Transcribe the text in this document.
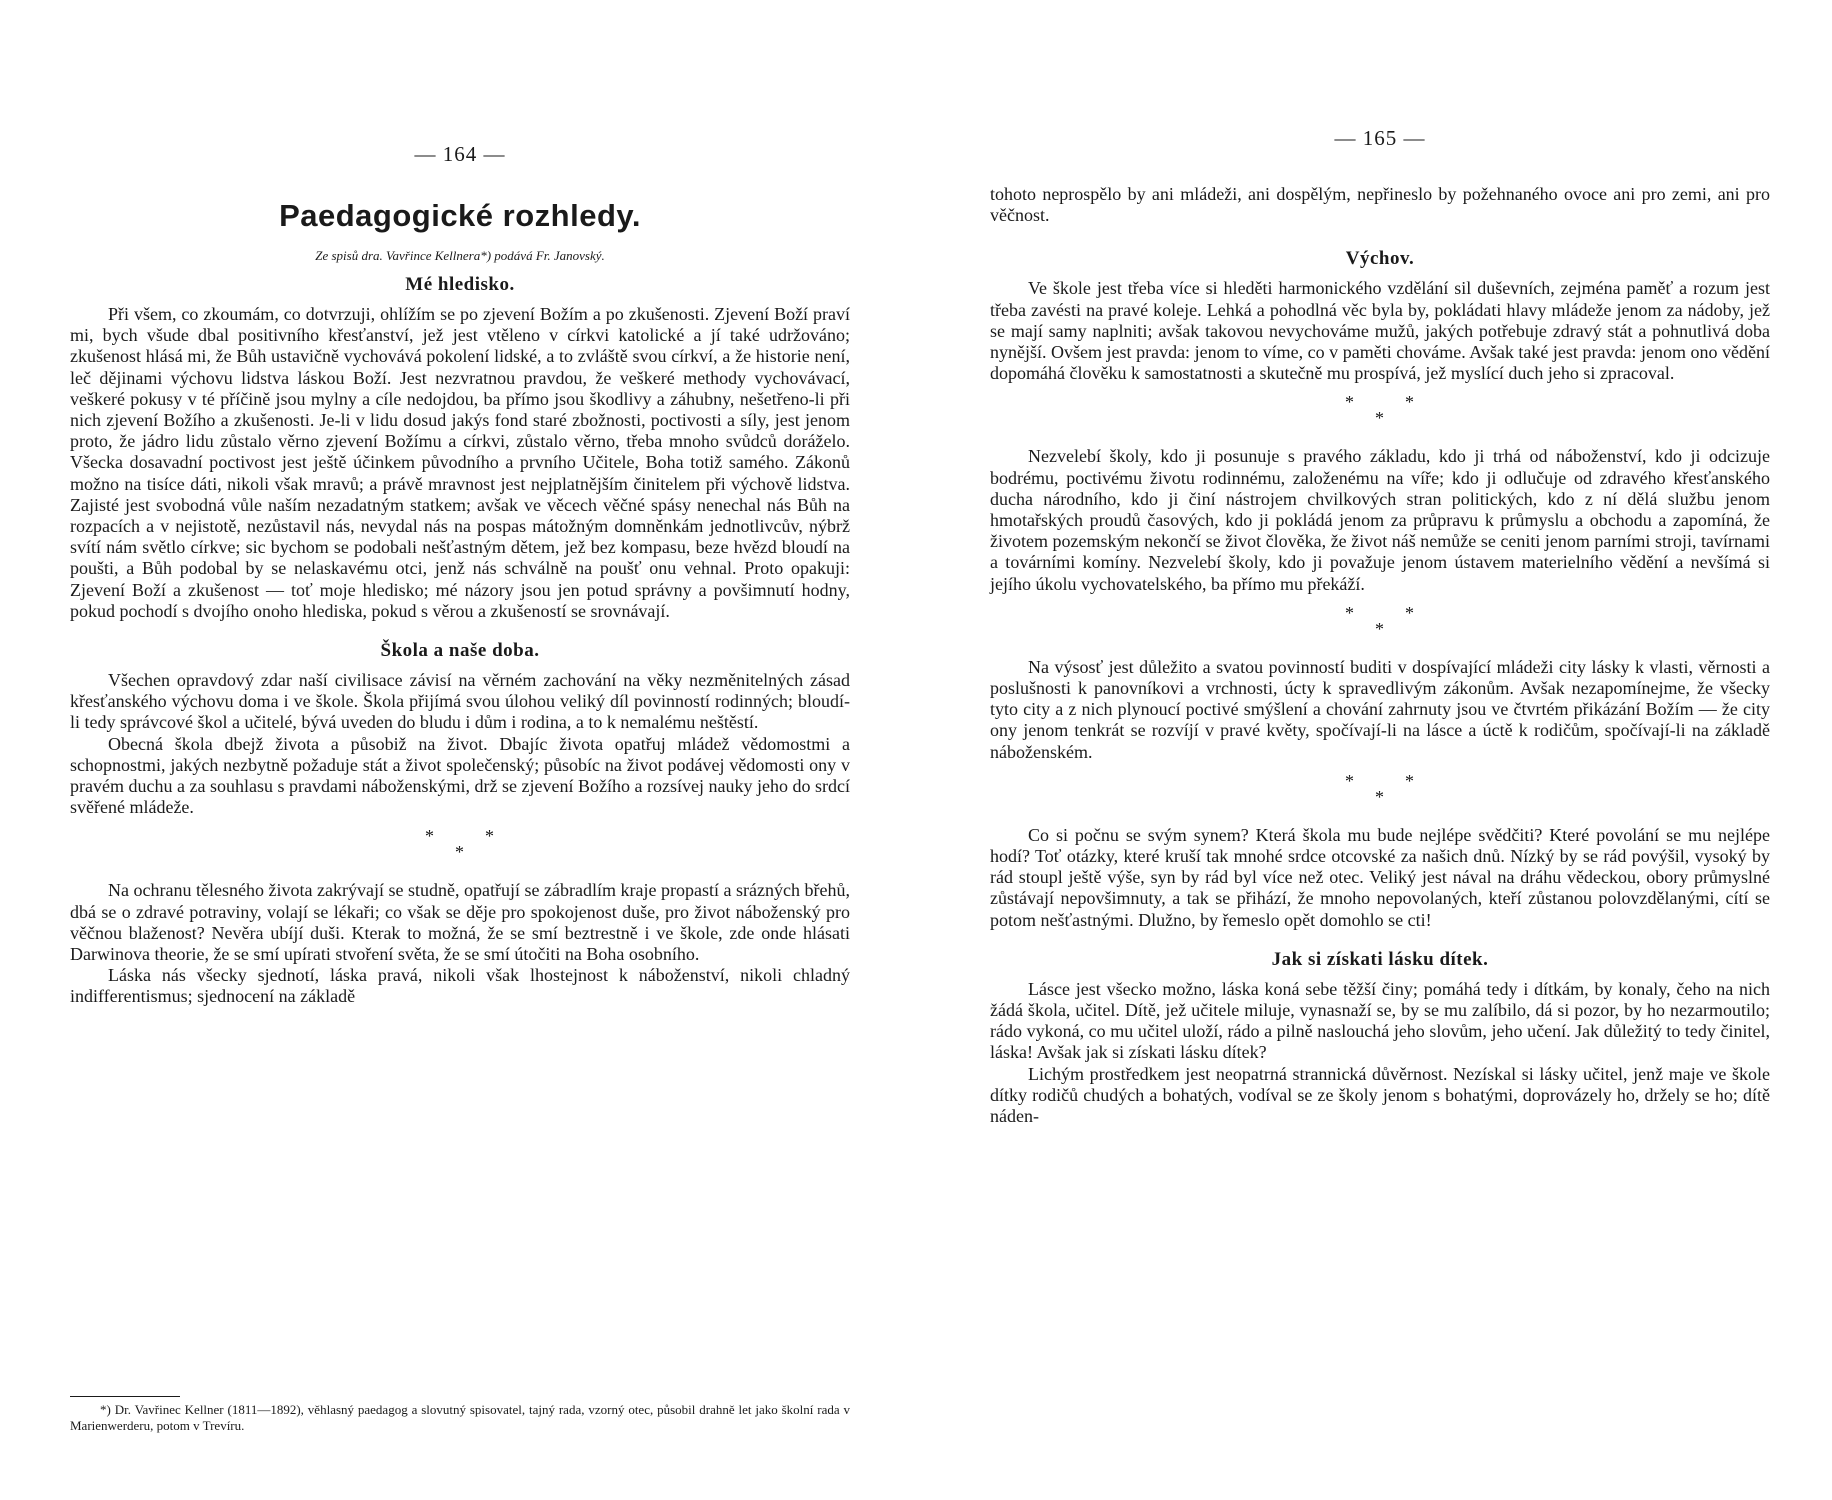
— 164 —
Paedagogické rozhledy.
Ze spisů dra. Vavřince Kellnera*) podává Fr. Janovský.
Mé hledisko.

Při všem, co zkoumám, co dotvrzuji, ohlížím se po zjevení Božím a po zkušenosti. Zjevení Boží praví mi, bych všude dbal positivního křesťanství, jež jest vtěleno v církvi katolické a jí také udržováno; zkušenost hlásá mi, že Bůh ustavičně vychovává pokolení lidské, a to zvláště svou církví, a že historie není, leč dějinami výchovu lidstva láskou Boží. Jest nezvratnou pravdou, že veškeré methody vychovávací, veškeré pokusy v té příčině jsou mylny a cíle nedojdou, ba přímo jsou škodlivy a záhubny, nešetřeno-li při nich zjevení Božího a zkušenosti. Je-li v lidu dosud jakýs fond staré zbožnosti, poctivosti a síly, jest jenom proto, že jádro lidu zůstalo věrno zjevení Božímu a církvi, zůstalo věrno, třeba mnoho svůdců doráželo. Všecka dosavadní poctivost jest ještě účinkem původního a prvního Učitele, Boha totiž samého. Zákonů možno na tisíce dáti, nikoli však mravů; a právě mravnost jest nejplatnějším činitelem při výchově lidstva. Zajisté jest svobodná vůle naším nezadatným statkem; avšak ve věcech věčné spásy nenechal nás Bůh na rozpacích a v nejistotě, nezůstavil nás, nevydal nás na pospas mátožným domněnkám jednotlivcův, nýbrž svítí nám světlo církve; sic bychom se podobali nešťastným dětem, jež bez kompasu, beze hvězd bloudí na poušti, a Bůh podobal by se nelaskavému otci, jenž nás schválně na poušť onu vehnal. Proto opakuji: Zjevení Boží a zkušenost — toť moje hledisko; mé názory jsou jen potud správny a povšimnutí hodny, pokud pochodí s dvojího onoho hlediska, pokud s věrou a zkušeností se srovnávají.

Škola a naše doba.

Všechen opravdový zdar naší civilisace závisí na věrném zachování na věky nezměnitelných zásad křesťanského výchovu doma i ve škole. Škola přijímá svou úlohou veliký díl povinností rodinných; bloudí-li tedy správcové škol a učitelé, bývá uveden do bludu i dům i rodina, a to k nemalému neštěstí.

Obecná škola dbejž života a působiž na život. Dbajíc života opatřuj mládež vědomostmi a schopnostmi, jakých nezbytně požaduje stát a život společenský; působíc na život podávej vědomosti ony v pravém duchu a za souhlasu s pravdami náboženskými, drž se zjevení Božího a rozsívej nauky jeho do srdcí svěřené mládeže.

*
*
*

Na ochranu tělesného života zakrývají se studně, opatřují se zábradlím kraje propastí a srázných břehů, dbá se o zdravé potraviny, volají se lékaři; co však se děje pro spokojenost duše, pro život náboženský pro věčnou blaženost? Nevěra ubíjí duši. Kterak to možná, že se smí beztrestně i ve škole, zde onde hlásati Darwinova theorie, že se smí upírati stvoření světa, že se smí útočiti na Boha osobního.

Láska nás všecky sjednotí, láska pravá, nikoli však lhostejnost k náboženství, nikoli chladný indifferentismus; sjednocení na základě

*) Dr. Vavřinec Kellner (1811—1892), věhlasný paedagog a slovutný spisovatel, tajný rada, vzorný otec, působil drahně let jako školní rada v Marienwerderu, potom v Trevíru.
— 165 —

tohoto neprospělo by ani mládeži, ani dospělým, nepřineslo by požehnaného ovoce ani pro zemi, ani pro věčnost.

Výchov.

Ve škole jest třeba více si hleděti harmonického vzdělání sil duševních, zejména paměť a rozum jest třeba zavésti na pravé koleje. Lehká a pohodlná věc byla by, pokládati hlavy mládeže jenom za nádoby, jež se mají samy naplniti; avšak takovou nevychováme mužů, jakých potřebuje zdravý stát a pohnutlivá doba nynější. Ovšem jest pravda: jenom to víme, co v paměti chováme. Avšak také jest pravda: jenom ono vědění dopomáhá člověku k samostatnosti a skutečně mu prospívá, jež myslící duch jeho si zpracoval.

*
*
*

Nezvelebí školy, kdo ji posunuje s pravého základu, kdo ji trhá od náboženství, kdo ji odcizuje bodrému, poctivému životu rodinnému, založenému na víře; kdo ji odlučuje od zdravého křesťanského ducha národního, kdo ji činí nástrojem chvilkových stran politických, kdo z ní dělá službu jenom hmotařských proudů časových, kdo ji pokládá jenom za průpravu k průmyslu a obchodu a zapomíná, že životem pozemským nekončí se život člověka, že život náš nemůže se ceniti jenom parními stroji, tavírnami a továrními komíny. Nezvelebí školy, kdo ji považuje jenom ústavem materielního vědění a nevšímá si jejího úkolu vychovatelského, ba přímo mu překáží.

*
*
*

Na výsosť jest důležito a svatou povinností buditi v dospívající mládeži city lásky k vlasti, věrnosti a poslušnosti k panovníkovi a vrchnosti, úcty k spravedlivým zákonům. Avšak nezapomínejme, že všecky tyto city a z nich plynoucí poctivé smýšlení a chování zahrnuty jsou ve čtvrtém přikázání Božím — že city ony jenom tenkrát se rozvíjí v pravé květy, spočívají-li na lásce a úctě k rodičům, spočívají-li na základě náboženském.

*
*
*

Co si počnu se svým synem? Která škola mu bude nejlépe svědčiti? Které povolání se mu nejlépe hodí? Toť otázky, které kruší tak mnohé srdce otcovské za našich dnů. Nízký by se rád povýšil, vysoký by rád stoupl ještě výše, syn by rád byl více než otec. Veliký jest nával na dráhu vědeckou, obory průmyslné zůstávají nepovšimnuty, a tak se přihází, že mnoho nepovolaných, kteří zůstanou polovzdělanými, cítí se potom nešťastnými. Dlužno, by řemeslo opět domohlo se cti!

Jak si získati lásku dítek.

Lásce jest všecko možno, láska koná sebe těžší činy; pomáhá tedy i dítkám, by konaly, čeho na nich žádá škola, učitel. Dítě, jež učitele miluje, vynasnaží se, by se mu zalíbilo, dá si pozor, by ho nezarmoutilo; rádo vykoná, co mu učitel uloží, rádo a pilně naslouchá jeho slovům, jeho učení. Jak důležitý to tedy činitel, láska! Avšak jak si získati lásku dítek?

Lichým prostředkem jest neopatrná strannická důvěrnost. Nezískal si lásky učitel, jenž maje ve škole dítky rodičů chudých a bohatých, vodíval se ze školy jenom s bohatými, doprovázely ho, držely se ho; dítě náden-
